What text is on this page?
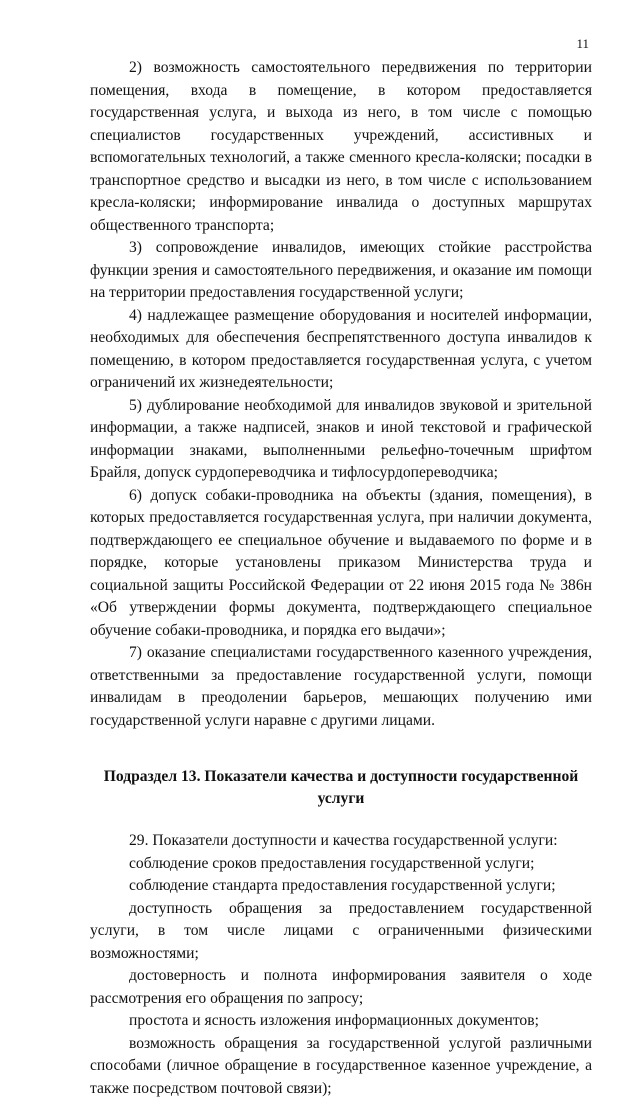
11

2) возможность самостоятельного передвижения по территории помещения, входа в помещение, в котором предоставляется государственная услуга, и выхода из него, в том числе с помощью специалистов государственных учреждений, ассистивных и вспомогательных технологий, а также сменного кресла-коляски; посадки в транспортное средство и высадки из него, в том числе с использованием кресла-коляски; информирование инвалида о доступных маршрутах общественного транспорта;

3) сопровождение инвалидов, имеющих стойкие расстройства функции зрения и самостоятельного передвижения, и оказание им помощи на территории предоставления государственной услуги;

4) надлежащее размещение оборудования и носителей информации, необходимых для обеспечения беспрепятственного доступа инвалидов к помещению, в котором предоставляется государственная услуга, с учетом ограничений их жизнедеятельности;

5) дублирование необходимой для инвалидов звуковой и зрительной информации, а также надписей, знаков и иной текстовой и графической информации знаками, выполненными рельефно-точечным шрифтом Брайля, допуск сурдопереводчика и тифлосурдопереводчика;

6) допуск собаки-проводника на объекты (здания, помещения), в которых предоставляется государственная услуга, при наличии документа, подтверждающего ее специальное обучение и выдаваемого по форме и в порядке, которые установлены приказом Министерства труда и социальной защиты Российской Федерации от 22 июня 2015 года № 386н «Об утверждении формы документа, подтверждающего специальное обучение собаки-проводника, и порядка его выдачи»;

7) оказание специалистами государственного казенного учреждения, ответственными за предоставление государственной услуги, помощи инвалидам в преодолении барьеров, мешающих получению ими государственной услуги наравне с другими лицами.

Подраздел 13. Показатели качества и доступности государственной услуги

29. Показатели доступности и качества государственной услуги:

соблюдение сроков предоставления государственной услуги;

соблюдение стандарта предоставления государственной услуги;

доступность обращения за предоставлением государственной услуги, в том числе лицами с ограниченными физическими возможностями;

достоверность и полнота информирования заявителя о ходе рассмотрения его обращения по запросу;

простота и ясность изложения информационных документов;

возможность обращения за государственной услугой различными способами (личное обращение в государственное казенное учреждение, а также посредством почтовой связи);
